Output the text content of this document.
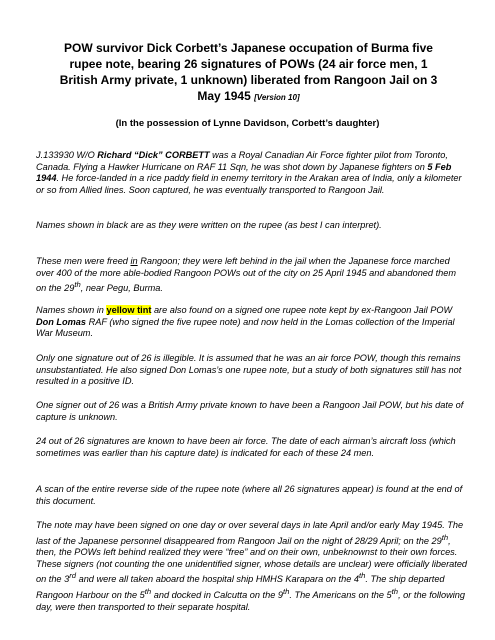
POW survivor Dick Corbett’s Japanese occupation of Burma five rupee note, bearing 26 signatures of POWs (24 air force men, 1 British Army private, 1 unknown) liberated from Rangoon Jail on 3 May 1945 [Version 10]
(In the possession of Lynne Davidson, Corbett’s daughter)
J.133930 W/O Richard “Dick” CORBETT was a Royal Canadian Air Force fighter pilot from Toronto, Canada. Flying a Hawker Hurricane on RAF 11 Sqn, he was shot down by Japanese fighters on 5 Feb 1944. He force-landed in a rice paddy field in enemy territory in the Arakan area of India, only a kilometer or so from Allied lines. Soon captured, he was eventually transported to Rangoon Jail.
Names shown in black are as they were written on the rupee (as best I can interpret).
These men were freed in Rangoon; they were left behind in the jail when the Japanese force marched over 400 of the more able-bodied Rangoon POWs out of the city on 25 April 1945 and abandoned them on the 29th, near Pegu, Burma.
Names shown in yellow tint are also found on a signed one rupee note kept by ex-Rangoon Jail POW Don Lomas RAF (who signed the five rupee note) and now held in the Lomas collection of the Imperial War Museum.
Only one signature out of 26 is illegible. It is assumed that he was an air force POW, though this remains unsubstantiated. He also signed Don Lomas’s one rupee note, but a study of both signatures still has not resulted in a positive ID.
One signer out of 26 was a British Army private known to have been a Rangoon Jail POW, but his date of capture is unknown.
24 out of 26 signatures are known to have been air force. The date of each airman’s aircraft loss (which sometimes was earlier than his capture date) is indicated for each of these 24 men.
A scan of the entire reverse side of the rupee note (where all 26 signatures appear) is found at the end of this document.
The note may have been signed on one day or over several days in late April and/or early May 1945. The last of the Japanese personnel disappeared from Rangoon Jail on the night of 28/29 April; on the 29th, then, the POWs left behind realized they were “free” and on their own, unbeknownst to their own forces. These signers (not counting the one unidentified signer, whose details are unclear) were officially liberated on the 3rd and were all taken aboard the hospital ship HMHS Karapara on the 4th. The ship departed Rangoon Harbour on the 5th and docked in Calcutta on the 9th. The Americans on the 5th, or the following day, were then transported to their separate hospital.
